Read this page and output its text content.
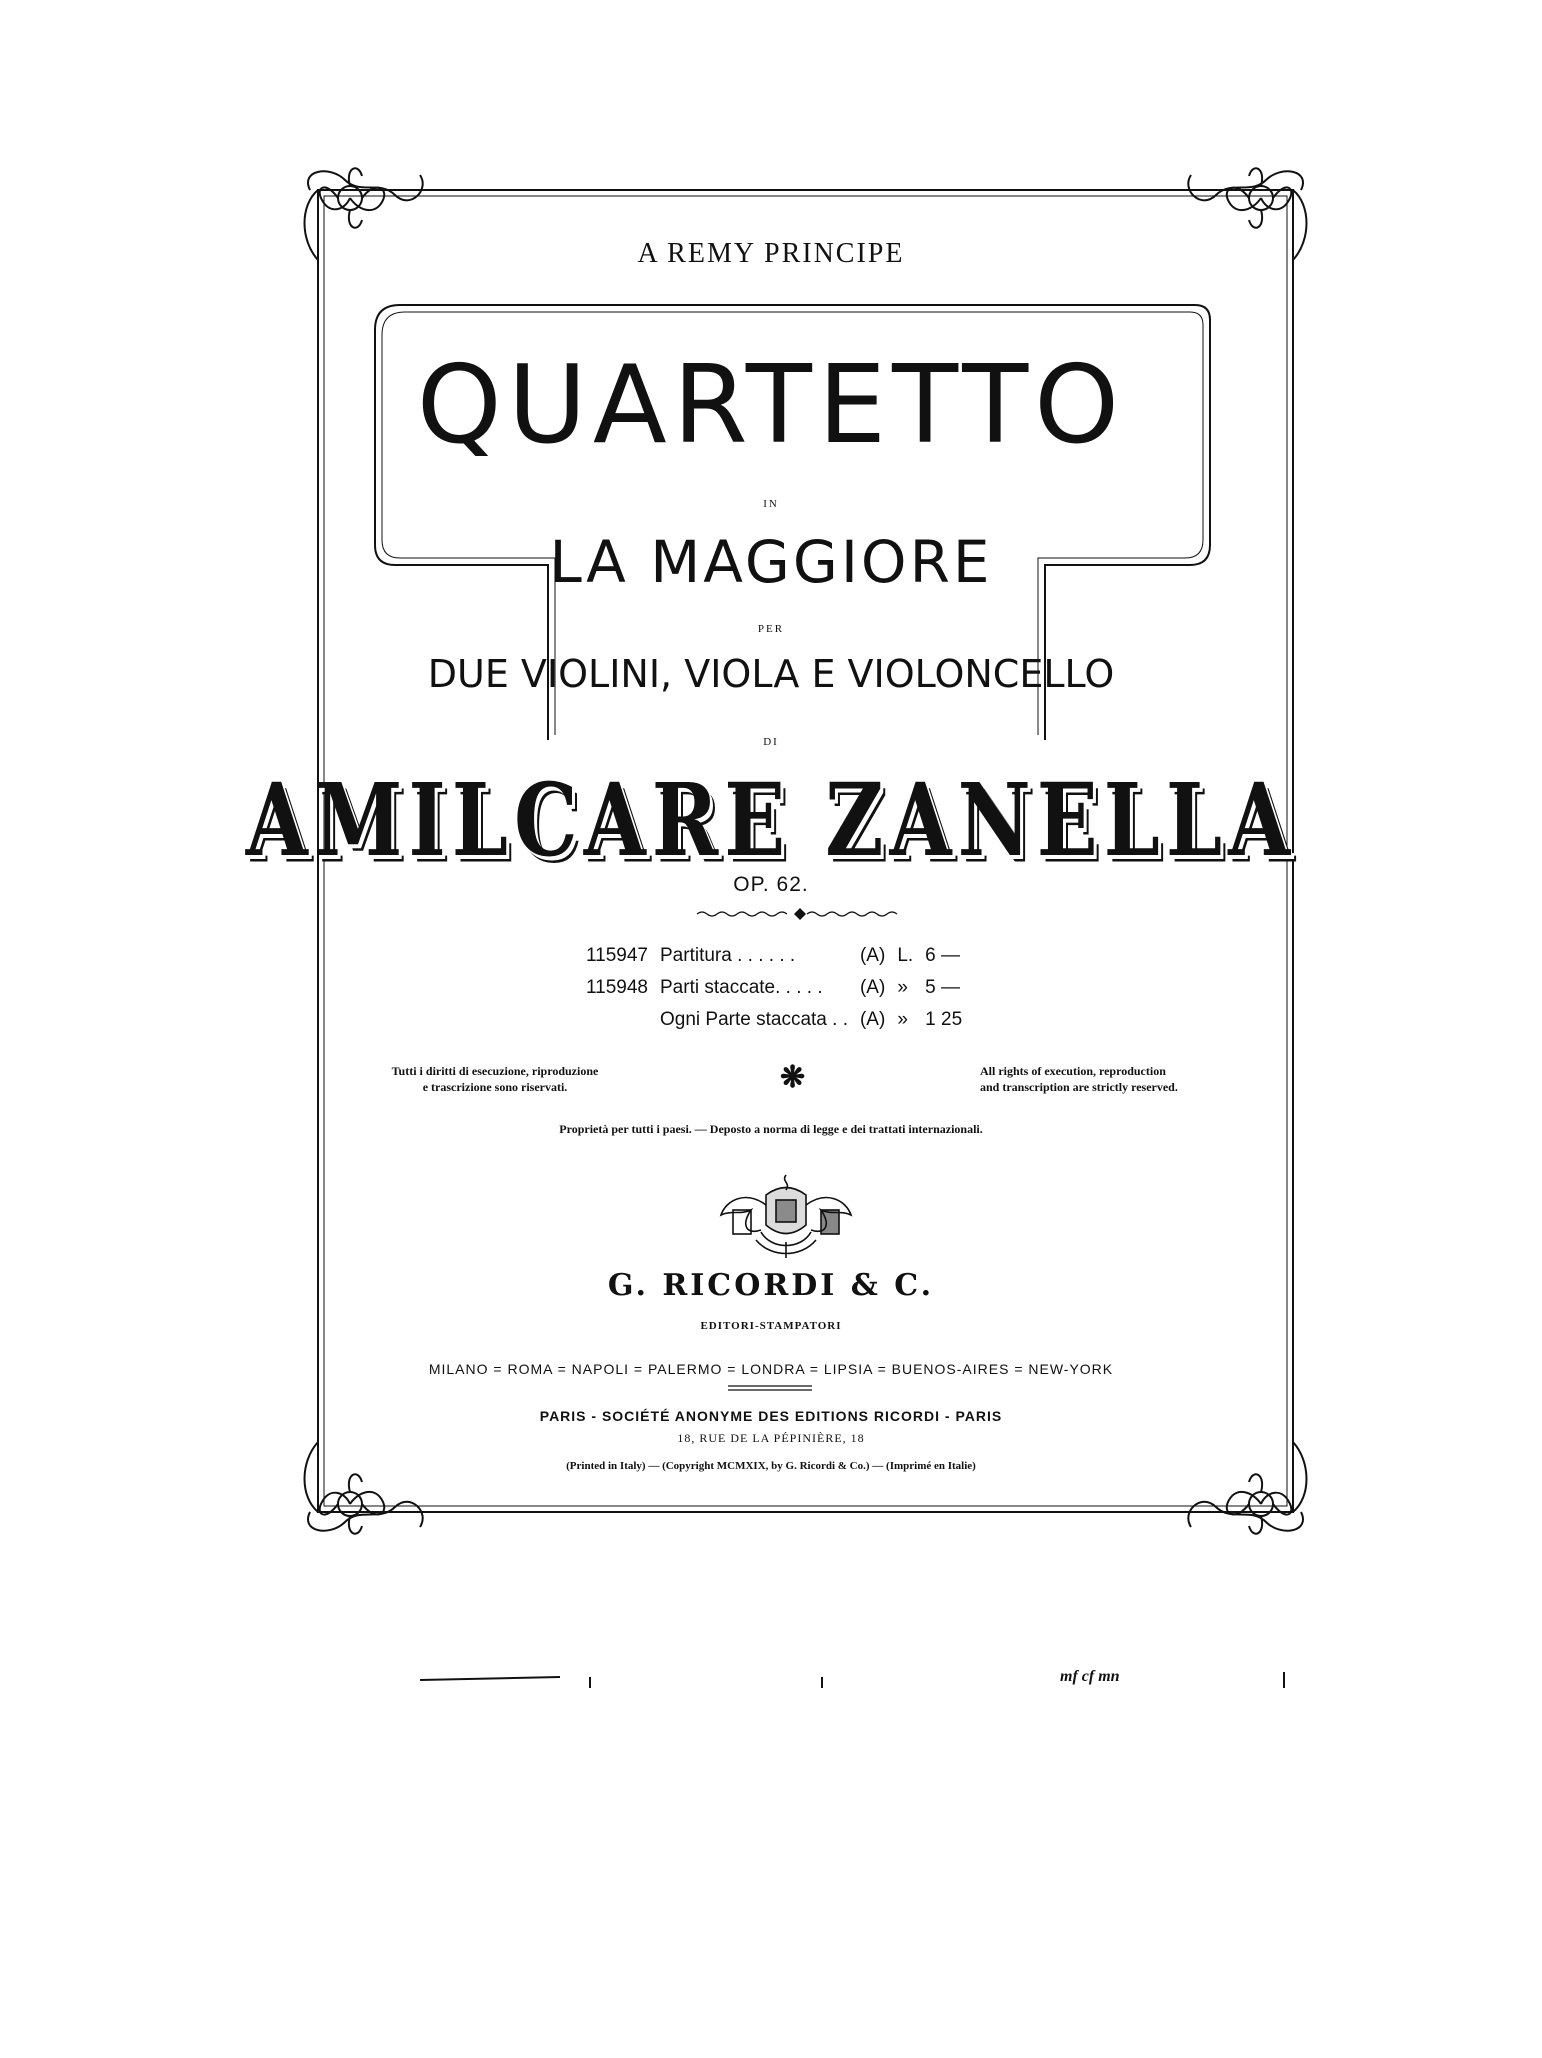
A REMY PRINCIPE
QUARTETTO
in
LA MAGGIORE
per
DUE VIOLINI, VIOLA E VIOLONCELLO
di
AMILCARE ZANELLA
OP. 62.
115947	Partitura . . . . . .	(A)	L.	6 —
115948	Parti staccate. . . . .	(A)	»	5 —
	Ogni Parte staccata . .	(A)	»	1 25
Tutti i diritti di esecuzione, riproduzione
e trascrizione sono riservati.	❋	All rights of execution, reproduction
and transcription are strictly reserved.
Proprietà per tutti i paesi. — Deposto a norma di legge e dei trattati internazionali.
G. RICORDI & C.
EDITORI-STAMPATORI
MILANO = ROMA = NAPOLI = PALERMO = LONDRA = LIPSIA = BUENOS-AIRES = NEW-YORK
PARIS - SOCIÉTÉ ANONYME DES EDITIONS RICORDI - PARIS
18, RUE DE LA PÉPINIÈRE, 18
(Printed in Italy) — (Copyright MCMXIX, by G. Ricordi & Co.) — (Imprimé en Italie)
mf cf mn
